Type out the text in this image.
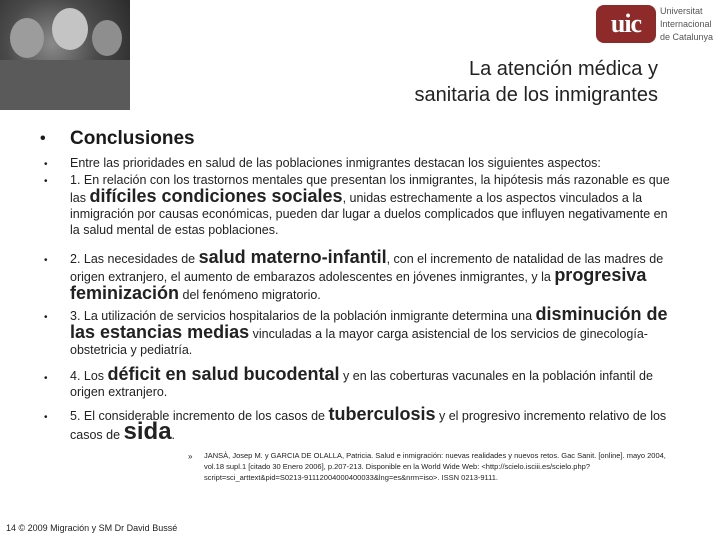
uic	Universitat
Internacional
de Catalunya
La atención médica y
sanitaria de los inmigrantes
• Conclusiones
• Entre las prioridades en salud de las poblaciones inmigrantes destacan los siguientes aspectos:
• 1. En relación con los trastornos mentales que presentan los inmigrantes, la hipótesis más razonable es que las difíciles condiciones sociales, unidas estrechamente a los aspectos vinculados a la inmigración por causas económicas, pueden dar lugar a duelos complicados que influyen negativamente en la salud mental de estas poblaciones.
• 2. Las necesidades de salud materno-infantil, con el incremento de natalidad de las madres de origen extranjero, el aumento de embarazos adolescentes en jóvenes inmigrantes, y la progresiva feminización del fenómeno migratorio.
• 3. La utilización de servicios hospitalarios de la población inmigrante determina una disminución de las estancias medias vinculadas a la mayor carga asistencial de los servicios de ginecología-obstetricia y pediatría.
• 4. Los déficit en salud bucodental y en las coberturas vacunales en la población infantil de origen extranjero.
• 5. El considerable incremento de los casos de tuberculosis y el progresivo incremento relativo de los casos de sida.
» JANSÀ, Josep M. y GARCIA DE OLALLA, Patricia. Salud e inmigración: nuevas realidades y nuevos retos. Gac Sanit. [online]. mayo 2004, vol.18 supl.1 [citado 30 Enero 2006], p.207-213. Disponible en la World Wide Web: <http://scielo.isciii.es/scielo.php?script=sci_arttext&pid=S0213-91112004000400033&lng=es&nrm=iso>. ISSN 0213-9111.
14 © 2009 Migración y SM Dr David Bussé
